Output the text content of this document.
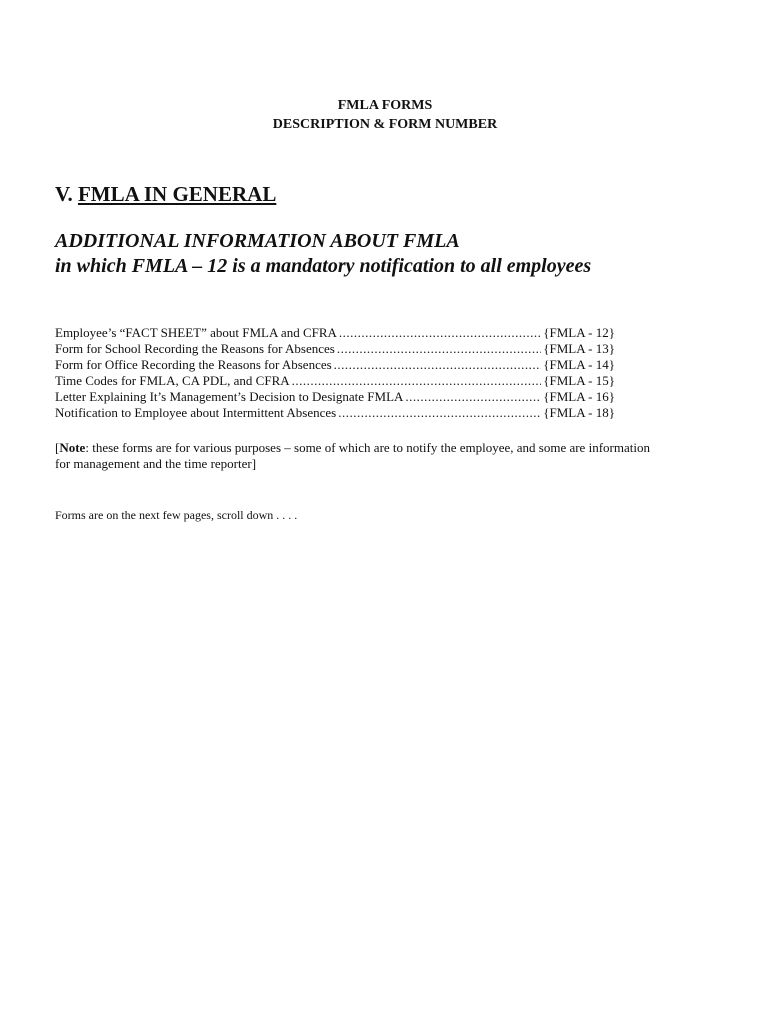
FMLA FORMS
DESCRIPTION & FORM NUMBER
V. FMLA IN GENERAL
ADDITIONAL INFORMATION ABOUT FMLA
in which FMLA – 12 is a mandatory notification to all employees
Employee’s “FACT SHEET” about FMLA and CFRA .....	{FMLA - 12}
Form for School Recording the Reasons for Absences .....	{FMLA - 13}
Form for Office Recording the Reasons for Absences .....	{FMLA - 14}
Time Codes for FMLA, CA PDL, and CFRA .....	{FMLA - 15}
Letter Explaining It’s Management’s Decision to Designate FMLA .....	{FMLA - 16}
Notification to Employee about Intermittent Absences .....	{FMLA - 18}
[Note: these forms are for various purposes – some of which are to notify the employee, and some are information for management and the time reporter]
Forms are on the next few pages, scroll down . . . .
